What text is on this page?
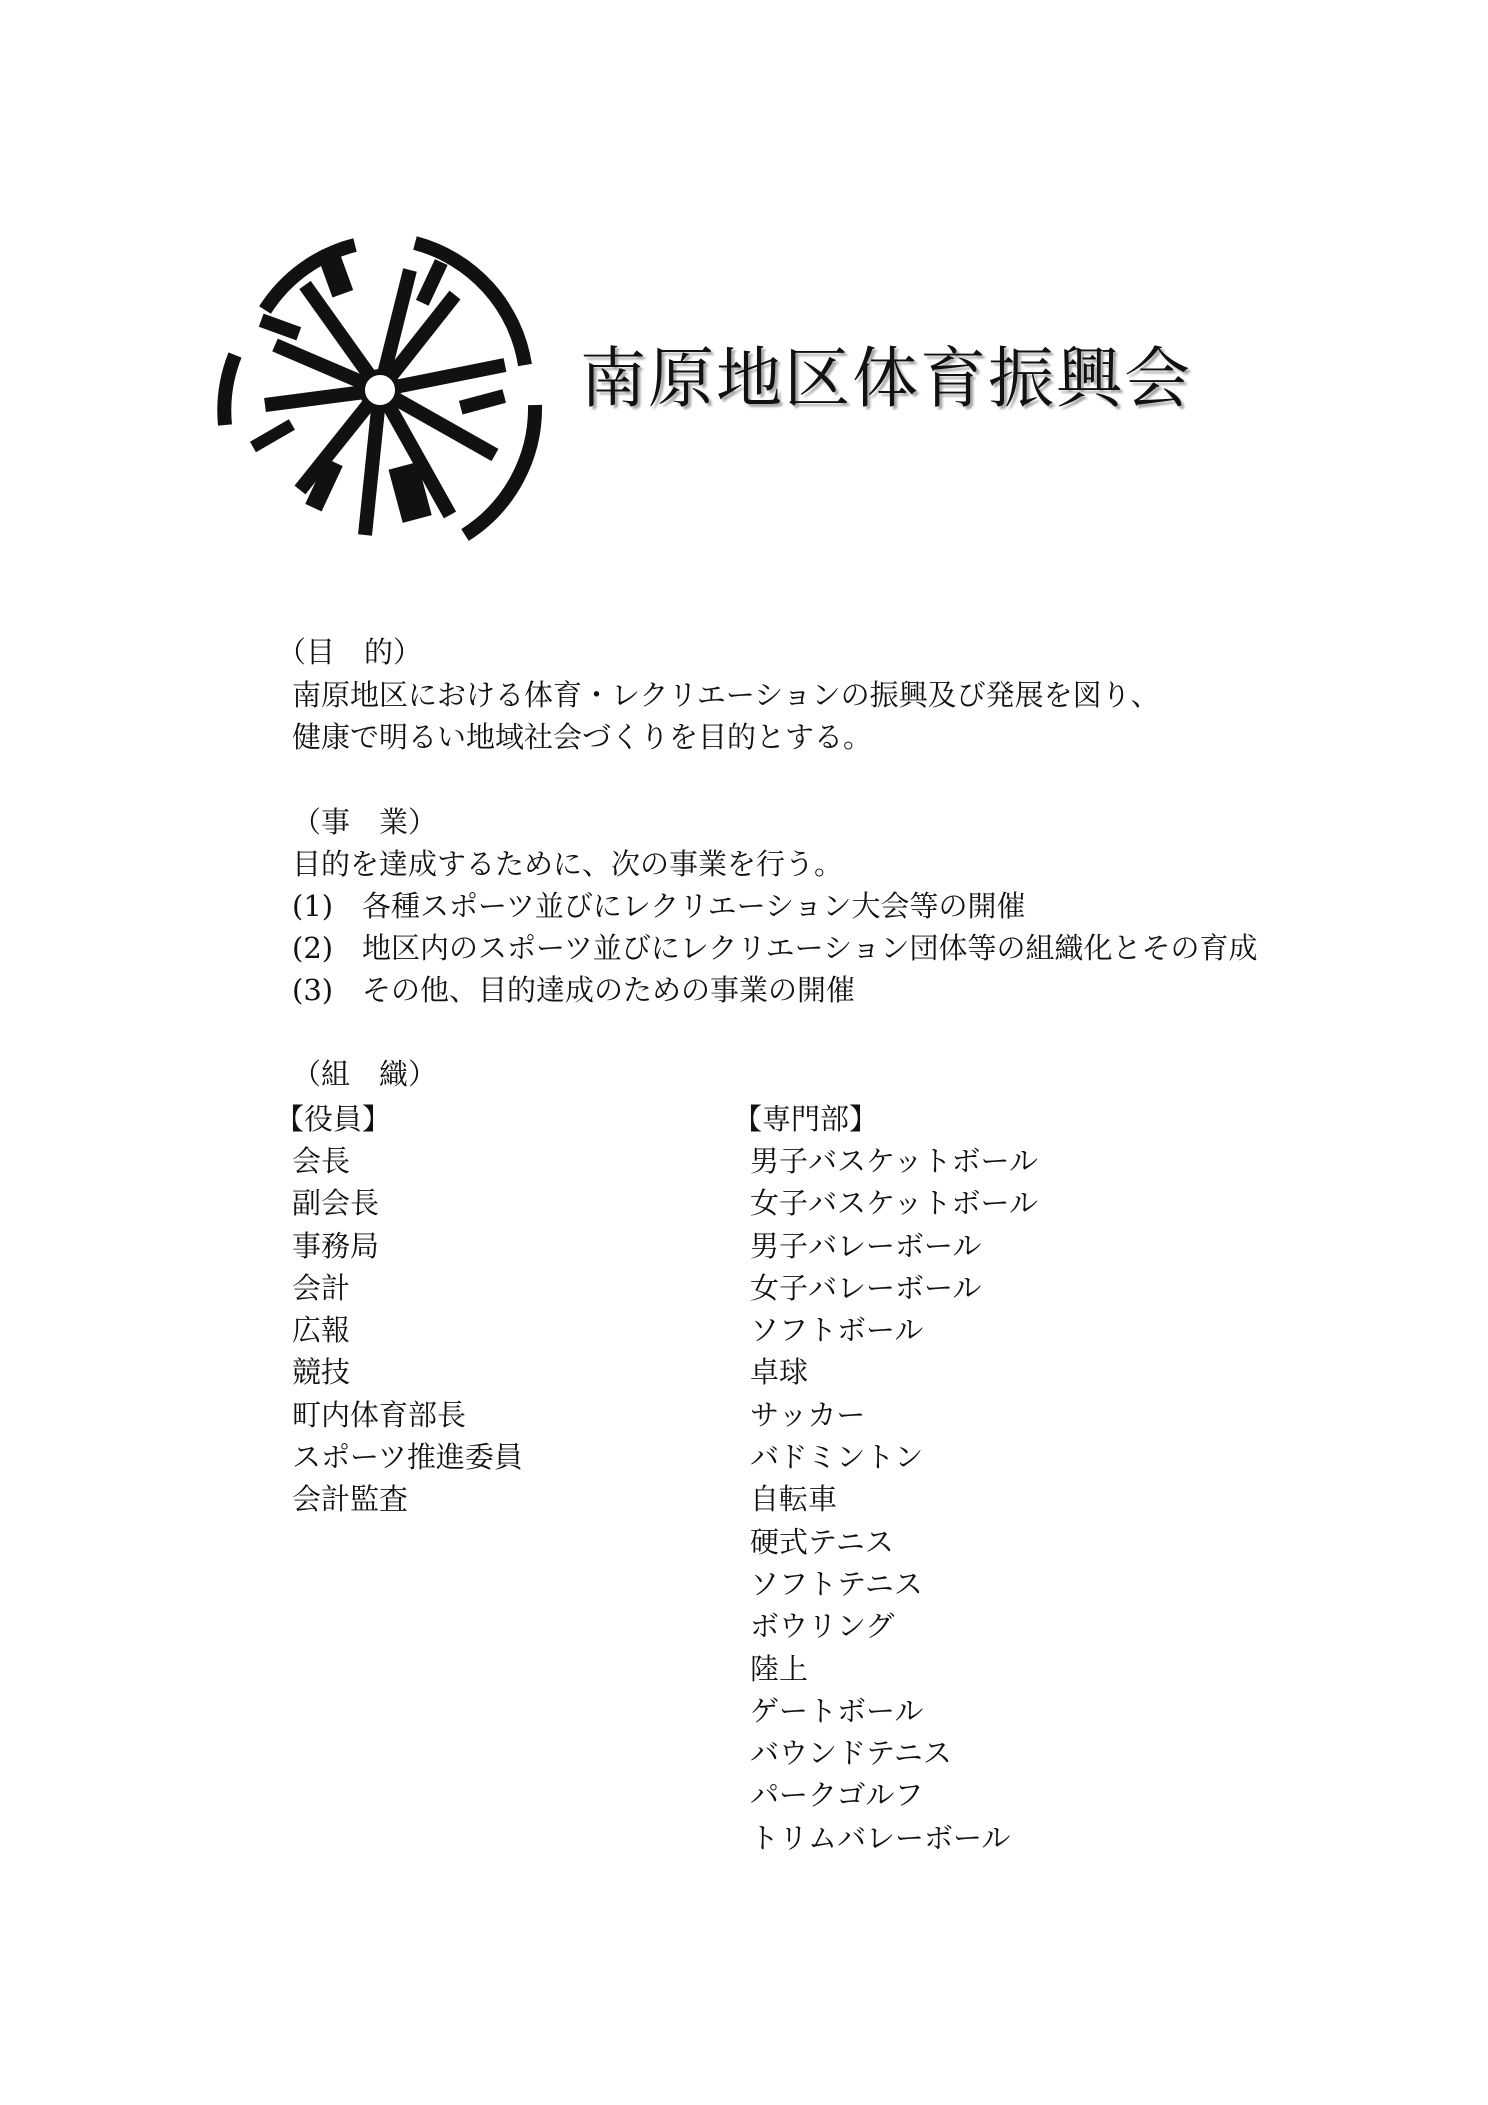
南原地区体育振興会
（目　的）
南原地区における体育・レクリエーションの振興及び発展を図り、
健康で明るい地域社会づくりを目的とする。
（事　業）
目的を達成するために、次の事業を行う。
(1) 各種スポーツ並びにレクリエーション大会等の開催
(2) 地区内のスポーツ並びにレクリエーション団体等の組織化とその育成
(3) その他、目的達成のための事業の開催
（組　織）
【役員】
会長
副会長
事務局
会計
広報
競技
町内体育部長
スポーツ推進委員
会計監査
【専門部】
男子バスケットボール
女子バスケットボール
男子バレーボール
女子バレーボール
ソフトボール
卓球
サッカー
バドミントン
自転車
硬式テニス
ソフトテニス
ボウリング
陸上
ゲートボール
バウンドテニス
パークゴルフ
トリムバレーボール
